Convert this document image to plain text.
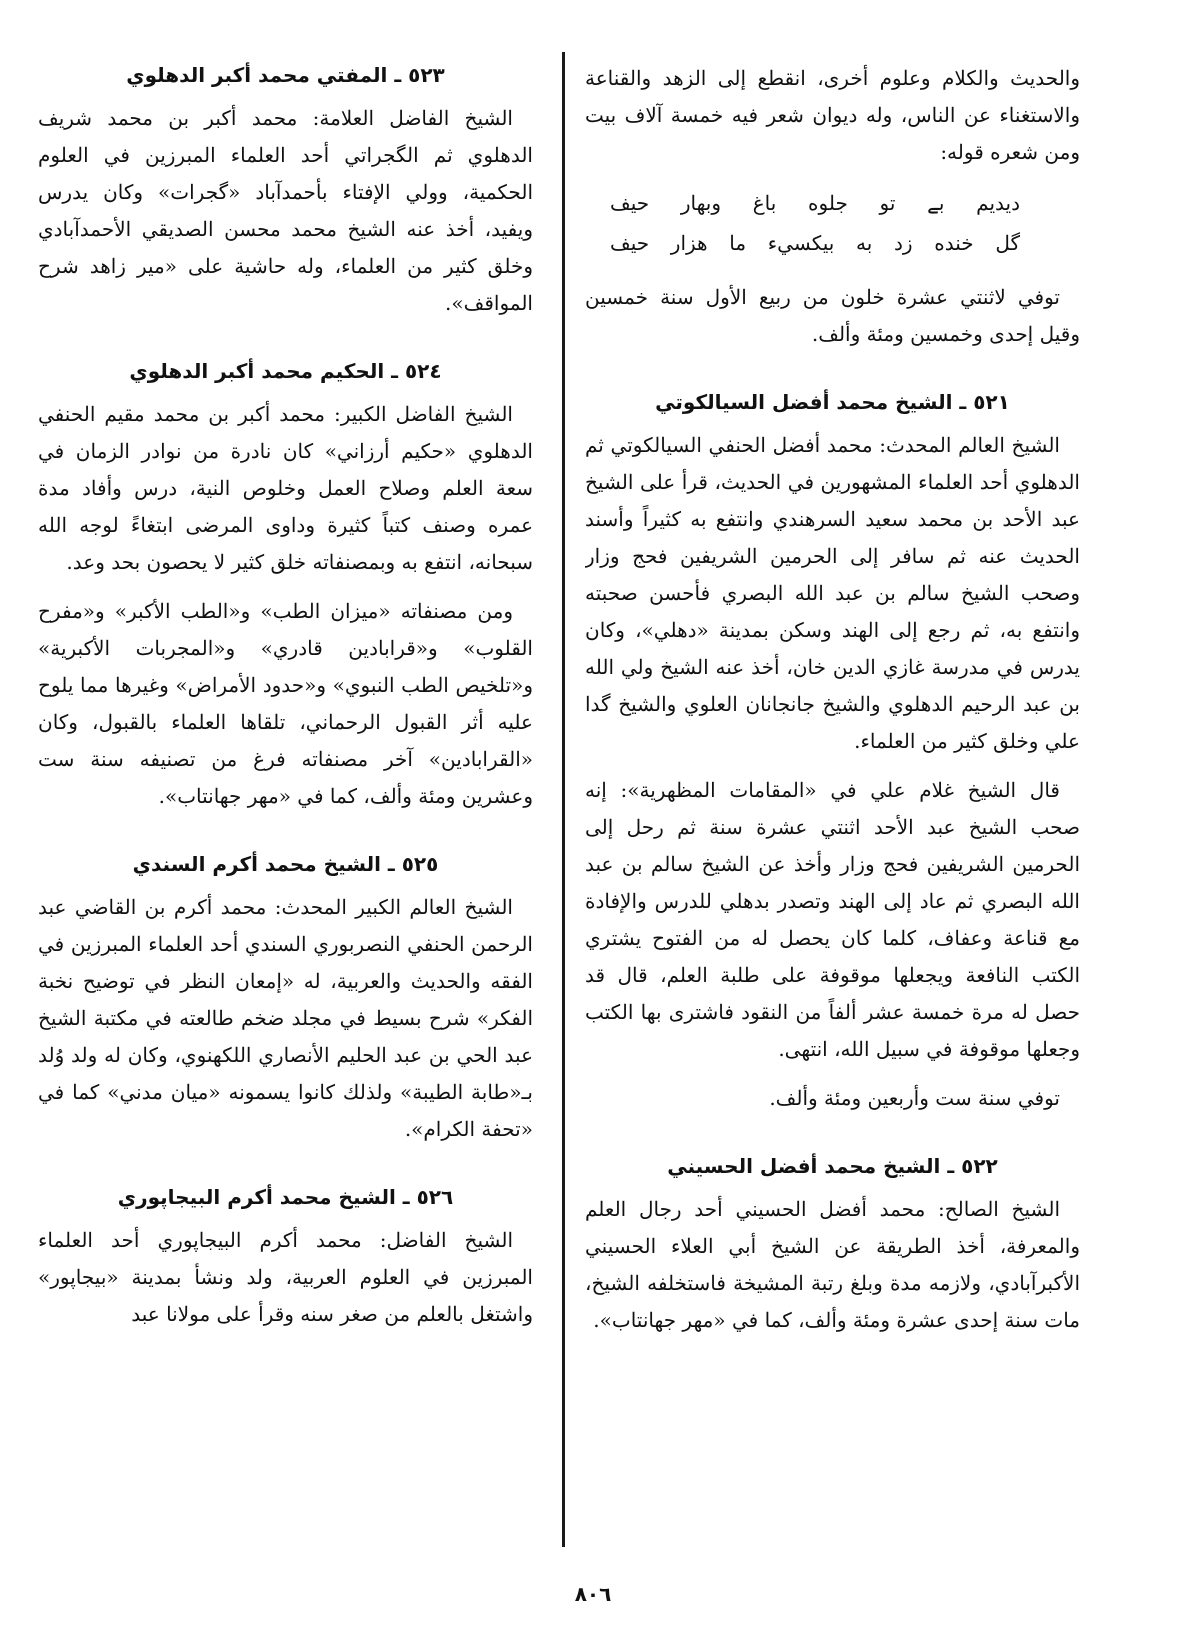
والحديث والكلام وعلوم أخرى، انقطع إلى الزهد والقناعة والاستغناء عن الناس، وله ديوان شعر فيه خمسة آلاف بيت ومن شعره قوله:

ديديم بے تو جلوه باغ وبهار حيف
گل خنده زد به بيكسيء ما هزار حيف

توفي لاثنتي عشرة خلون من ربيع الأول سنة خمسين وقيل إحدى وخمسين ومئة وألف.

٥٢١ ـ الشيخ محمد أفضل السيالكوتي

الشيخ العالم المحدث: محمد أفضل الحنفي السيالكوتي ثم الدهلوي أحد العلماء المشهورين في الحديث، قرأ على الشيخ عبد الأحد بن محمد سعيد السرهندي وانتفع به كثيراً وأسند الحديث عنه ثم سافر إلى الحرمين الشريفين فحج وزار وصحب الشيخ سالم بن عبد الله البصري فأحسن صحبته وانتفع به، ثم رجع إلى الهند وسكن بمدينة «دهلي»، وكان يدرس في مدرسة غازي الدين خان، أخذ عنه الشيخ ولي الله بن عبد الرحيم الدهلوي والشيخ جانجانان العلوي والشيخ گدا علي وخلق كثير من العلماء.

قال الشيخ غلام علي في «المقامات المظهرية»: إنه صحب الشيخ عبد الأحد اثنتي عشرة سنة ثم رحل إلى الحرمين الشريفين فحج وزار وأخذ عن الشيخ سالم بن عبد الله البصري ثم عاد إلى الهند وتصدر بدهلي للدرس والإفادة مع قناعة وعفاف، كلما كان يحصل له من الفتوح يشتري الكتب النافعة ويجعلها موقوفة على طلبة العلم، قال قد حصل له مرة خمسة عشر ألفاً من النقود فاشترى بها الكتب وجعلها موقوفة في سبيل الله، انتهى.

توفي سنة ست وأربعين ومئة وألف.

٥٢٢ ـ الشيخ محمد أفضل الحسيني

الشيخ الصالح: محمد أفضل الحسيني أحد رجال العلم والمعرفة، أخذ الطريقة عن الشيخ أبي العلاء الحسيني الأكبرآبادي، ولازمه مدة وبلغ رتبة المشيخة فاستخلفه الشيخ، مات سنة إحدى عشرة ومئة وألف، كما في «مهر جهانتاب».

٥٢٣ ـ المفتي محمد أكبر الدهلوي

الشيخ الفاضل العلامة: محمد أكبر بن محمد شريف الدهلوي ثم الگجراتي أحد العلماء المبرزين في العلوم الحكمية، وولي الإفتاء بأحمدآباد «گجرات» وكان يدرس ويفيد، أخذ عنه الشيخ محمد محسن الصديقي الأحمدآبادي وخلق كثير من العلماء، وله حاشية على «مير زاهد شرح المواقف».

٥٢٤ ـ الحكيم محمد أكبر الدهلوي

الشيخ الفاضل الكبير: محمد أكبر بن محمد مقيم الحنفي الدهلوي «حكيم أرزاني» كان نادرة من نوادر الزمان في سعة العلم وصلاح العمل وخلوص النية، درس وأفاد مدة عمره وصنف كتباً كثيرة وداوى المرضى ابتغاءً لوجه الله سبحانه، انتفع به وبمصنفاته خلق كثير لا يحصون بحد وعد.

ومن مصنفاته «ميزان الطب» و«الطب الأكبر» و«مفرح القلوب» و«قرابادين قادري» و«المجربات الأكبرية» و«تلخيص الطب النبوي» و«حدود الأمراض» وغيرها مما يلوح عليه أثر القبول الرحماني، تلقاها العلماء بالقبول، وكان «القرابادين» آخر مصنفاته فرغ من تصنيفه سنة ست وعشرين ومئة وألف، كما في «مهر جهانتاب».

٥٢٥ ـ الشيخ محمد أكرم السندي

الشيخ العالم الكبير المحدث: محمد أكرم بن القاضي عبد الرحمن الحنفي النصربوري السندي أحد العلماء المبرزين في الفقه والحديث والعربية، له «إمعان النظر في توضيح نخبة الفكر» شرح بسيط في مجلد ضخم طالعته في مكتبة الشيخ عبد الحي بن عبد الحليم الأنصاري اللكهنوي، وكان له ولد وُلد بـ«طابة الطيبة» ولذلك كانوا يسمونه «ميان مدني» كما في «تحفة الكرام».

٥٢٦ ـ الشيخ محمد أكرم البيجاپوري

الشيخ الفاضل: محمد أكرم البيجاپوري أحد العلماء المبرزين في العلوم العربية، ولد ونشأ بمدينة «بيجاپور» واشتغل بالعلم من صغر سنه وقرأ على مولانا عبد

٨٠٦
